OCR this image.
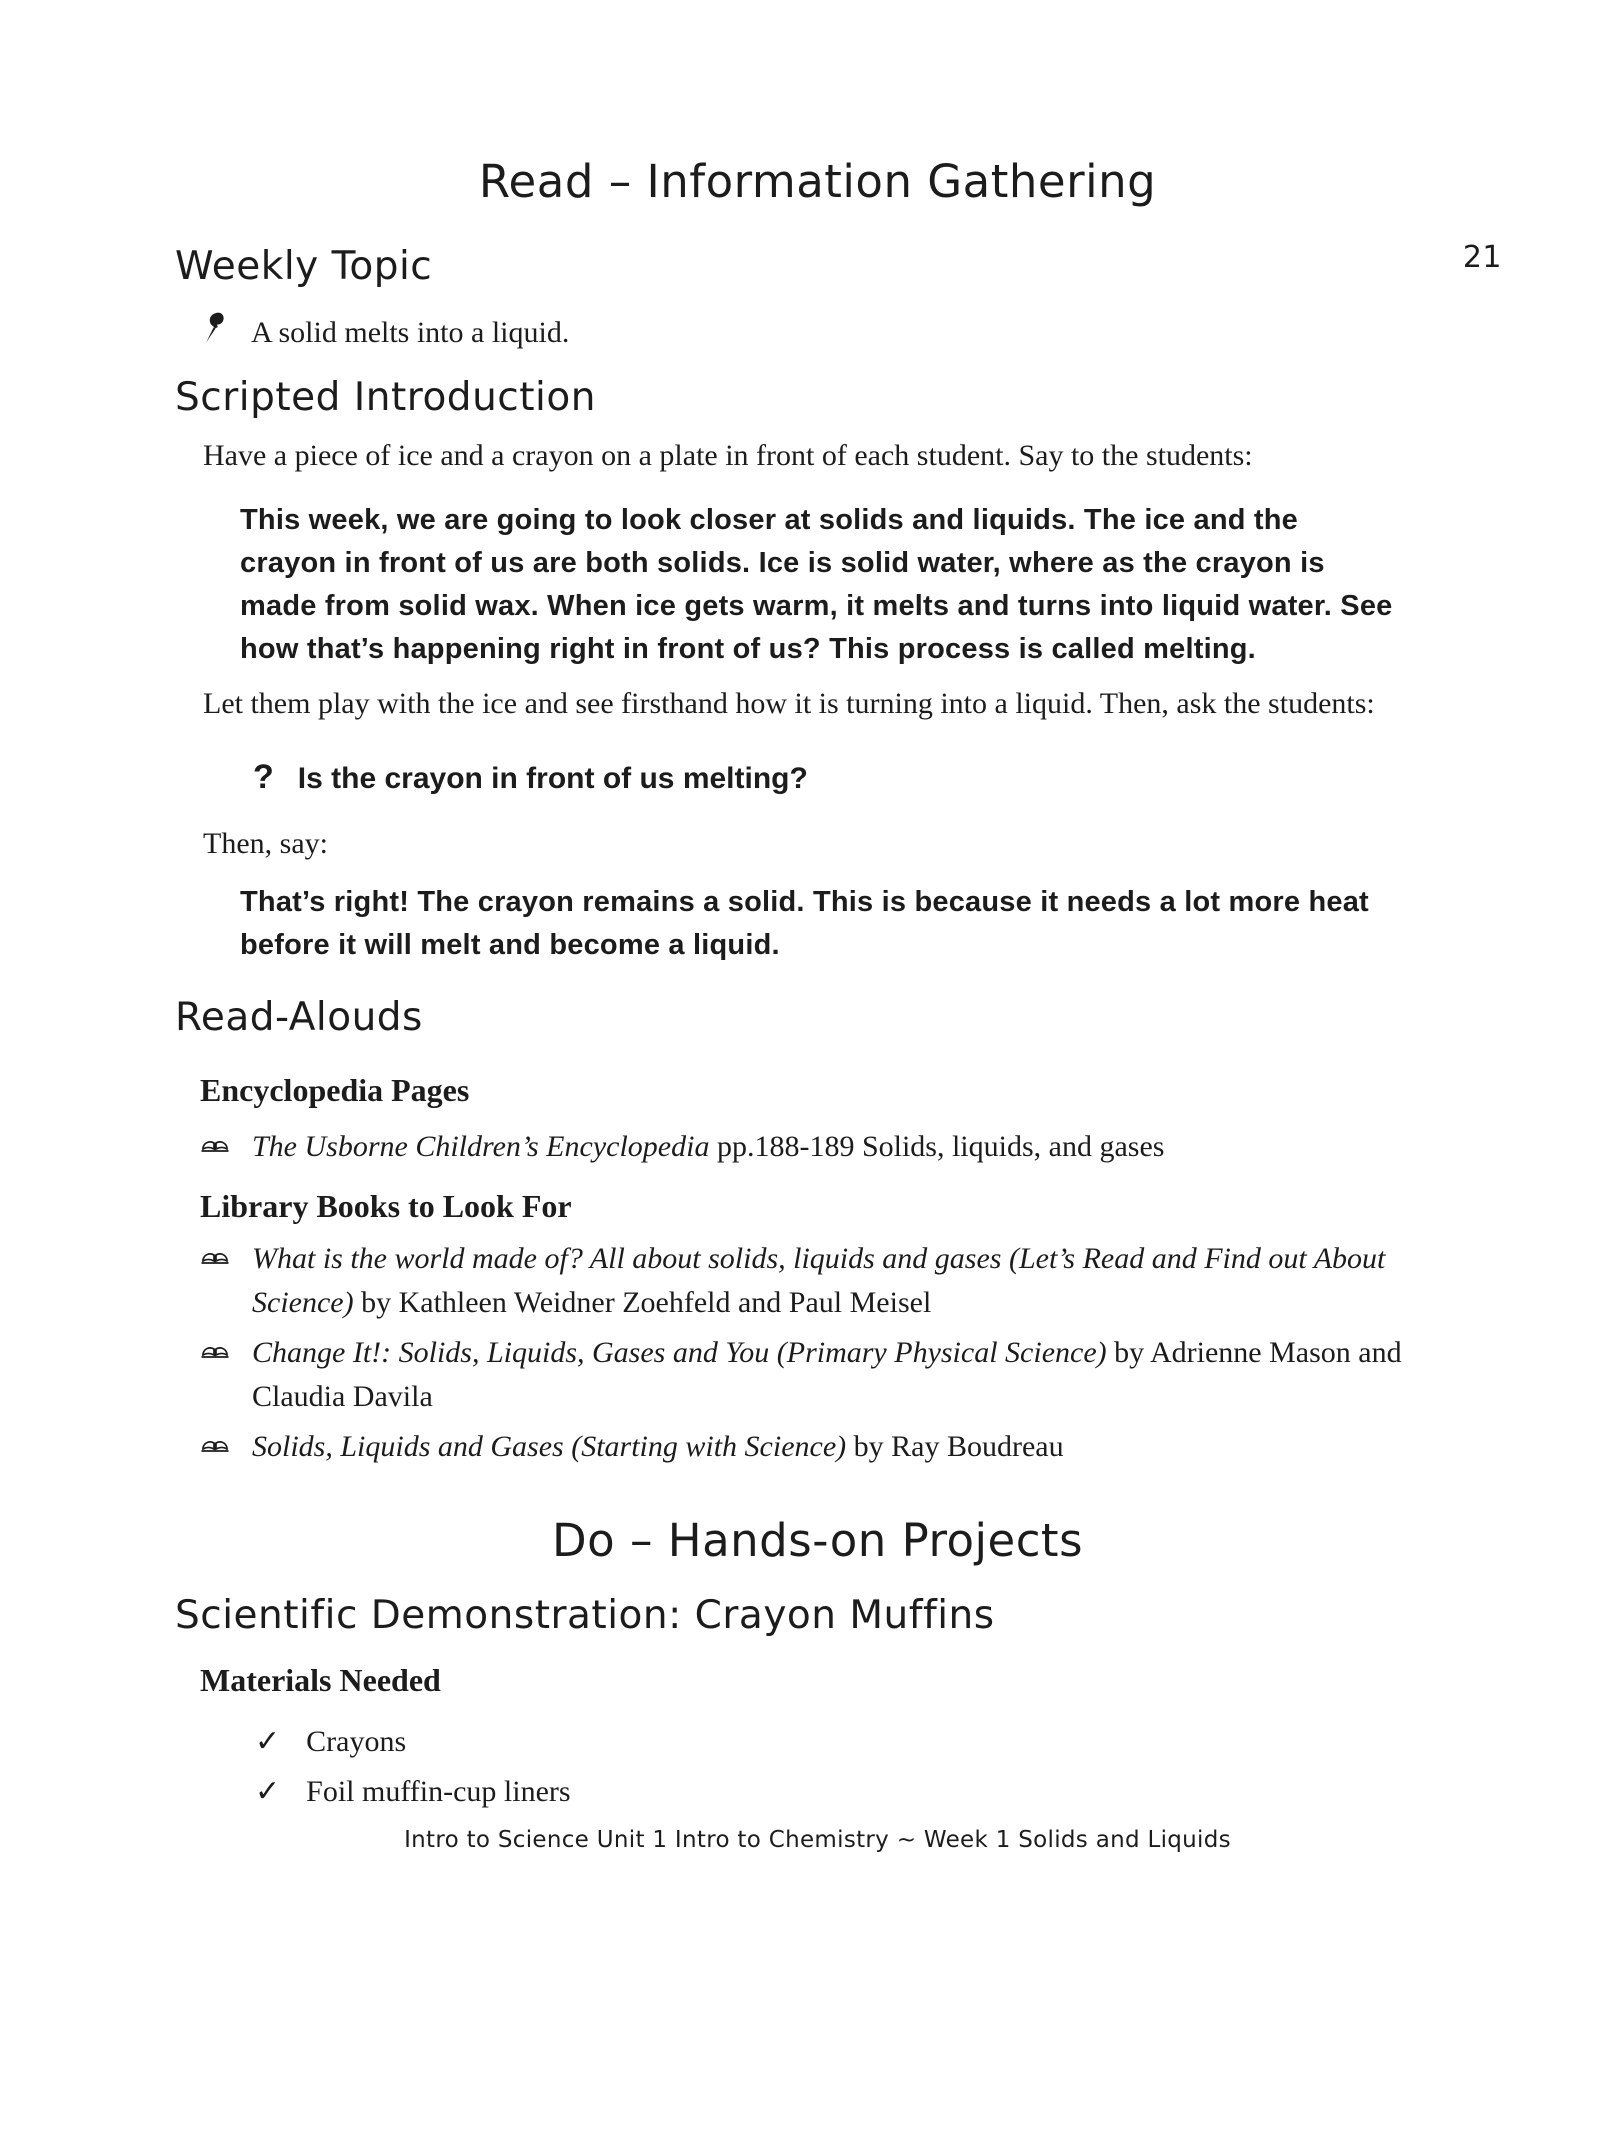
21
Read – Information Gathering
Weekly Topic
A solid melts into a liquid.
Scripted Introduction

Have a piece of ice and a crayon on a plate in front of each student. Say to the students:

This week, we are going to look closer at solids and liquids. The ice and the crayon in front of us are both solids. Ice is solid water, where as the crayon is made from solid wax. When ice gets warm, it melts and turns into liquid water. See how that’s happening right in front of us? This process is called melting.

Let them play with the ice and see firsthand how it is turning into a liquid. Then, ask the students:

? Is the crayon in front of us melting?

Then, say:

That’s right! The crayon remains a solid. This is because it needs a lot more heat before it will melt and become a liquid.

Read-Alouds
Encyclopedia Pages
The Usborne Children’s Encyclopedia pp.188-189 Solids, liquids, and gases
Library Books to Look For
What is the world made of? All about solids, liquids and gases (Let’s Read and Find out About Science) by Kathleen Weidner Zoehfeld and Paul Meisel
Change It!: Solids, Liquids, Gases and You (Primary Physical Science) by Adrienne Mason and Claudia Davila
Solids, Liquids and Gases (Starting with Science) by Ray Boudreau
Do – Hands-on Projects
Scientific Demonstration: Crayon Muffins
Materials Needed
✓ Crayons
✓ Foil muffin-cup liners
Intro to Science Unit 1 Intro to Chemistry ~ Week 1 Solids and Liquids
